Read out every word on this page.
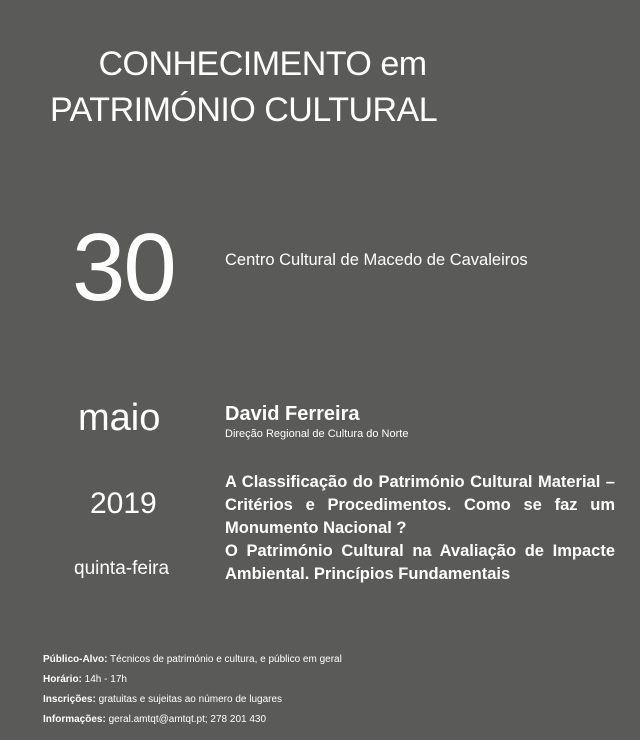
CONHECIMENTO em
PATRIMÓNIO CULTURAL
30	Centro Cultural de Macedo de Cavaleiros
maio
2019
quinta-feira
David Ferreira
Direção Regional de Cultura do Norte
A Classificação do Património Cultural Material – Critérios e Procedimentos. Como se faz um Monumento Nacional ?
O Património Cultural na Avaliação de Impacte Ambiental. Princípios Fundamentais
Público-Alvo: Técnicos de património e cultura, e público em geral
Horário: 14h - 17h
Inscrições: gratuitas e sujeitas ao número de lugares
Informações: geral.amtqt@amtqt.pt; 278 201 430
